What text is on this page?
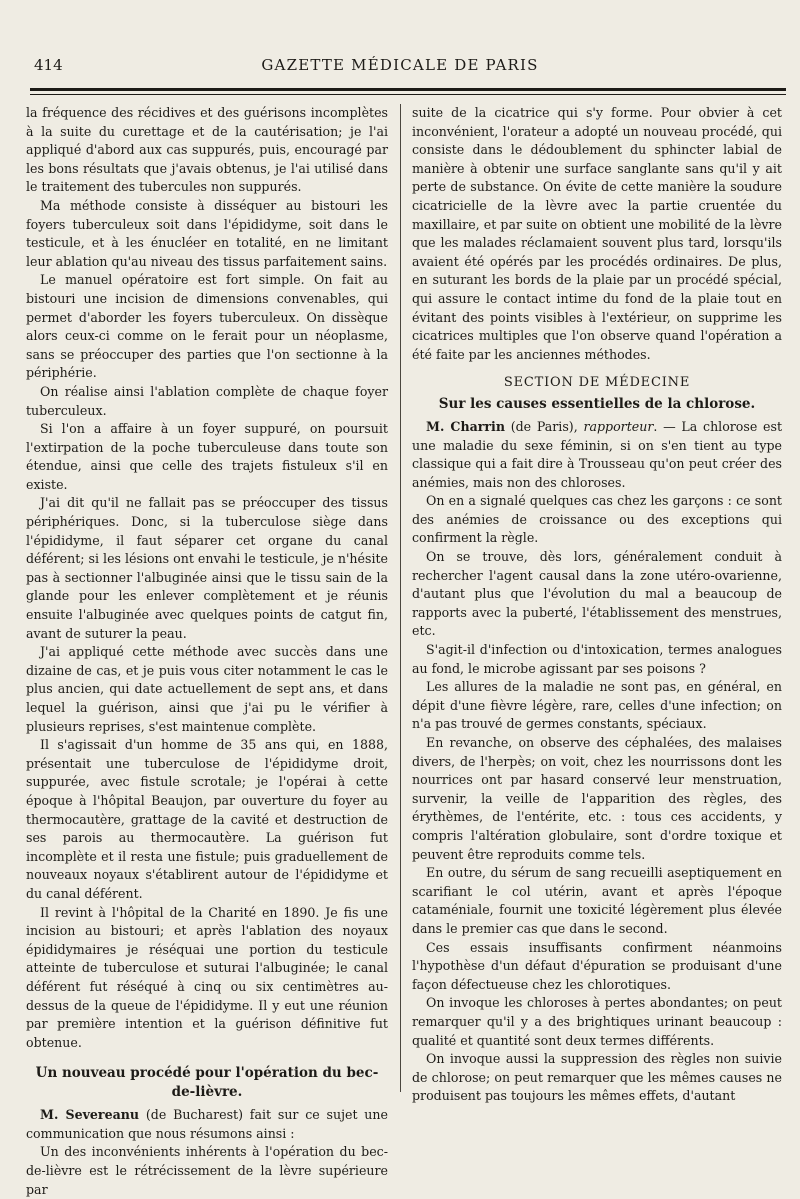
414	GAZETTE MÉDICALE DE PARIS

la fréquence des récidives et des guérisons incomplètes à la suite du curettage et de la cautérisation; je l'ai appliqué d'abord aux cas suppurés, puis, encouragé par les bons résultats que j'avais obtenus, je l'ai utilisé dans le traitement des tubercules non suppurés.

Ma méthode consiste à disséquer au bistouri les foyers tuberculeux soit dans l'épididyme, soit dans le testicule, et à les énucléer en totalité, en ne limitant leur ablation qu'au niveau des tissus parfaitement sains.

Le manuel opératoire est fort simple. On fait au bistouri une incision de dimensions convenables, qui permet d'aborder les foyers tuberculeux. On dissèque alors ceux-ci comme on le ferait pour un néoplasme, sans se préoccuper des parties que l'on sectionne à la périphérie.

On réalise ainsi l'ablation complète de chaque foyer tuberculeux.

Si l'on a affaire à un foyer suppuré, on poursuit l'extirpation de la poche tuberculeuse dans toute son étendue, ainsi que celle des trajets fistuleux s'il en existe.

J'ai dit qu'il ne fallait pas se préoccuper des tissus périphériques. Donc, si la tuberculose siège dans l'épididyme, il faut séparer cet organe du canal déférent; si les lésions ont envahi le testicule, je n'hésite pas à sectionner l'albuginée ainsi que le tissu sain de la glande pour les enlever complètement et je réunis ensuite l'albuginée avec quelques points de catgut fin, avant de suturer la peau.

J'ai appliqué cette méthode avec succès dans une dizaine de cas, et je puis vous citer notamment le cas le plus ancien, qui date actuellement de sept ans, et dans lequel la guérison, ainsi que j'ai pu le vérifier à plusieurs reprises, s'est maintenue complète.

Il s'agissait d'un homme de 35 ans qui, en 1888, présentait une tuberculose de l'épididyme droit, suppurée, avec fistule scrotale; je l'opérai à cette époque à l'hôpital Beaujon, par ouverture du foyer au thermocautère, grattage de la cavité et destruction de ses parois au thermocautère. La guérison fut incomplète et il resta une fistule; puis graduellement de nouveaux noyaux s'établirent autour de l'épididyme et du canal déférent.

Il revint à l'hôpital de la Charité en 1890. Je fis une incision au bistouri; et après l'ablation des noyaux épididymaires je réséquai une portion du testicule atteinte de tuberculose et suturai l'albuginée; le canal déférent fut réséqué à cinq ou six centimètres au-dessus de la queue de l'épididyme. Il y eut une réunion par première intention et la guérison définitive fut obtenue.

Un nouveau procédé pour l'opération du bec-de-lièvre.

M. Severeanu (de Bucharest) fait sur ce sujet une communication que nous résumons ainsi :

Un des inconvénients inhérents à l'opération du bec-de-lièvre est le rétrécissement de la lèvre supérieure par

suite de la cicatrice qui s'y forme. Pour obvier à cet inconvénient, l'orateur a adopté un nouveau procédé, qui consiste dans le dédoublement du sphincter labial de manière à obtenir une surface sanglante sans qu'il y ait perte de substance. On évite de cette manière la soudure cicatricielle de la lèvre avec la partie cruentée du maxillaire, et par suite on obtient une mobilité de la lèvre que les malades réclamaient souvent plus tard, lorsqu'ils avaient été opérés par les procédés ordinaires. De plus, en suturant les bords de la plaie par un procédé spécial, qui assure le contact intime du fond de la plaie tout en évitant des points visibles à l'extérieur, on supprime les cicatrices multiples que l'on observe quand l'opération a été faite par les anciennes méthodes.

SECTION DE MÉDECINE
Sur les causes essentielles de la chlorose.

M. Charrin (de Paris), rapporteur. — La chlorose est une maladie du sexe féminin, si on s'en tient au type classique qui a fait dire à Trousseau qu'on peut créer des anémies, mais non des chloroses.

On en a signalé quelques cas chez les garçons : ce sont des anémies de croissance ou des exceptions qui confirment la règle.

On se trouve, dès lors, généralement conduit à rechercher l'agent causal dans la zone utéro-ovarienne, d'autant plus que l'évolution du mal a beaucoup de rapports avec la puberté, l'établissement des menstrues, etc.

S'agit-il d'infection ou d'intoxication, termes analogues au fond, le microbe agissant par ses poisons ?

Les allures de la maladie ne sont pas, en général, en dépit d'une fièvre légère, rare, celles d'une infection; on n'a pas trouvé de germes constants, spéciaux.

En revanche, on observe des céphalées, des malaises divers, de l'herpès; on voit, chez les nourrissons dont les nourrices ont par hasard conservé leur menstruation, survenir, la veille de l'apparition des règles, des érythèmes, de l'entérite, etc. : tous ces accidents, y compris l'altération globulaire, sont d'ordre toxique et peuvent être reproduits comme tels.

En outre, du sérum de sang recueilli aseptiquement en scarifiant le col utérin, avant et après l'époque cataméniale, fournit une toxicité légèrement plus élevée dans le premier cas que dans le second.

Ces essais insuffisants confirment néanmoins l'hypothèse d'un défaut d'épuration se produisant d'une façon défectueuse chez les chlorotiques.

On invoque les chloroses à pertes abondantes; on peut remarquer qu'il y a des brightiques urinant beaucoup : qualité et quantité sont deux termes différents.

On invoque aussi la suppression des règles non suivie de chlorose; on peut remarquer que les mêmes causes ne produisent pas toujours les mêmes effets, d'autant
